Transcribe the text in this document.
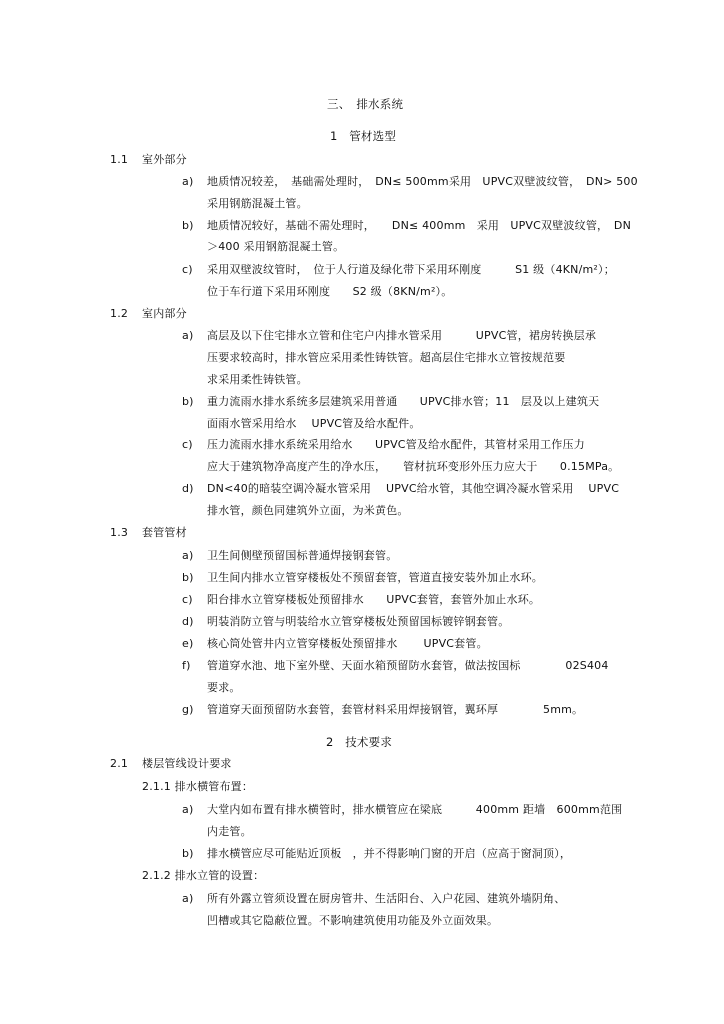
三、　排水系统
1　管材选型
1.1 室外部分
a) 地质情况较差，　基础需处理时，　DN≤ 500mm采用　UPVC双壁波纹管，　DN> 500
采用钢筋混凝土管。
b) 地质情况较好，基础不需处理时，　　DN≤ 400mm　采用　UPVC双壁波纹管，　DN
＞400 采用钢筋混凝土管。
c) 采用双壁波纹管时，　位于人行道及绿化带下采用环刚度　　　S1 级（4KN/m²）；
位于车行道下采用环刚度　　S2 级（8KN/m²）。
1.2 室内部分
a) 高层及以下住宅排水立管和住宅户内排水管采用　　　UPVC管，裙房转换层承
压要求较高时，排水管应采用柔性铸铁管。超高层住宅排水立管按规范要
求采用柔性铸铁管。
b) 重力流雨水排水系统多层建筑采用普通　　UPVC排水管；11　层及以上建筑天
面雨水管采用给水　 UPVC管及给水配件。
c) 压力流雨水排水系统采用给水　　UPVC管及给水配件，其管材采用工作压力
应大于建筑物净高度产生的净水压，　　管材抗环变形外压力应大于　　0.15MPa。
d) DN<40的暗装空调冷凝水管采用　 UPVC给水管，其他空调冷凝水管采用　 UPVC
排水管，颜色同建筑外立面，为米黄色。
1.3 套管管材
a) 卫生间侧壁预留国标普通焊接钢套管。
b) 卫生间内排水立管穿楼板处不预留套管，管道直接安装外加止水环。
c) 阳台排水立管穿楼板处预留排水　　UPVC套管，套管外加止水环。
d) 明装消防立管与明装给水立管穿楼板处预留国标镀锌钢套管。
e) 核心筒处管井内立管穿楼板处预留排水　　 UPVC套管。
f) 管道穿水池、地下室外壁、天面水箱预留防水套管，做法按国标　　　　02S404
要求。
g) 管道穿天面预留防水套管，套管材料采用焊接钢管，翼环厚　　　　5mm。
2　技术要求
2.1 楼层管线设计要求
2.1.1 排水横管布置：
a) 大堂内如布置有排水横管时，排水横管应在梁底　　　400mm 距墙　600mm范围
内走管。
b) 排水横管应尽可能贴近顶板　，并不得影响门窗的开启（应高于窗洞顶），
2.1.2 排水立管的设置：
a) 所有外露立管须设置在厨房管井、生活阳台、入户花园、建筑外墙阴角、
凹槽或其它隐蔽位置。不影响建筑使用功能及外立面效果。
